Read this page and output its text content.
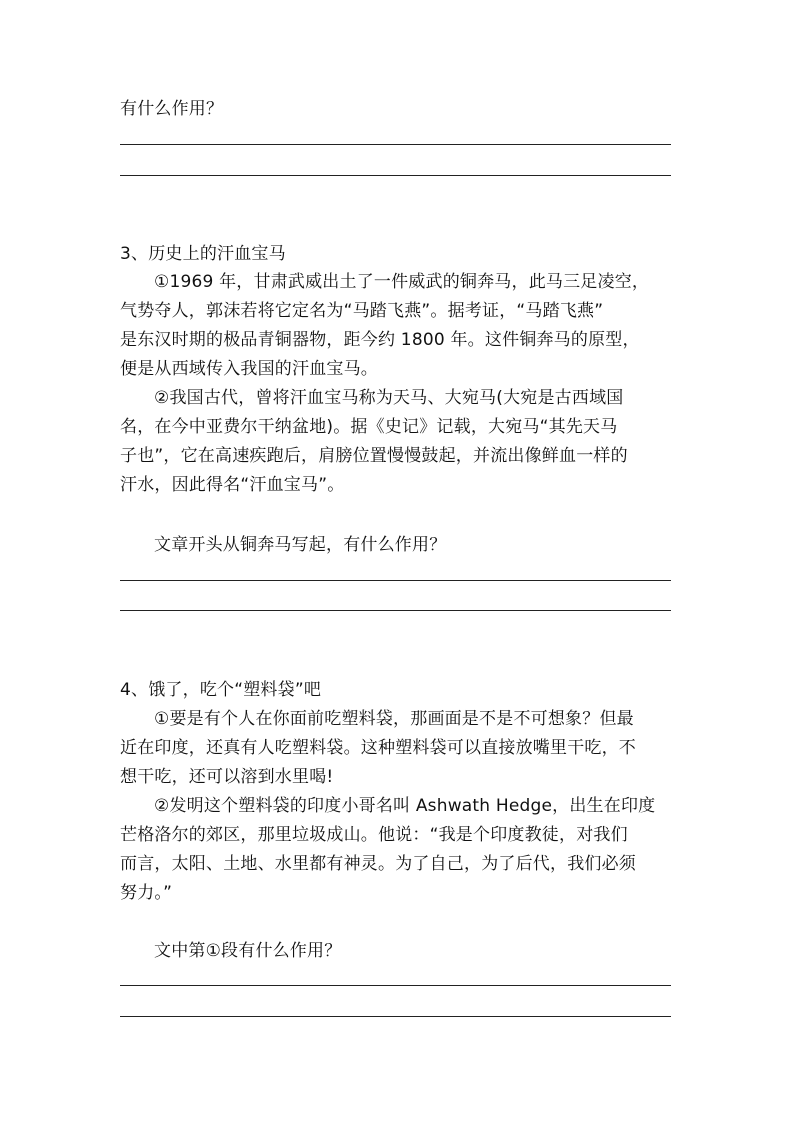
有什么作用？
3、历史上的汗血宝马
①1969 年，甘肃武威出土了一件威武的铜奔马，此马三足凌空，
气势夺人，郭沫若将它定名为“马踏飞燕”。据考证，“马踏飞燕”
是东汉时期的极品青铜器物，距今约 1800 年。这件铜奔马的原型，
便是从西域传入我国的汗血宝马。
②我国古代，曾将汗血宝马称为天马、大宛马(大宛是古西域国
名，在今中亚费尔干纳盆地)。据《史记》记载，大宛马“其先天马
子也”，它在高速疾跑后，肩膀位置慢慢鼓起，并流出像鲜血一样的
汗水，因此得名“汗血宝马”。
文章开头从铜奔马写起，有什么作用？
4、饿了，吃个“塑料袋”吧
①要是有个人在你面前吃塑料袋，那画面是不是不可想象？但最
近在印度，还真有人吃塑料袋。这种塑料袋可以直接放嘴里干吃，不
想干吃，还可以溶到水里喝!
②发明这个塑料袋的印度小哥名叫 Ashwath Hedge，出生在印度
芒格洛尔的郊区，那里垃圾成山。他说：“我是个印度教徒，对我们
而言，太阳、土地、水里都有神灵。为了自己，为了后代，我们必须
努力。”
文中第①段有什么作用？
